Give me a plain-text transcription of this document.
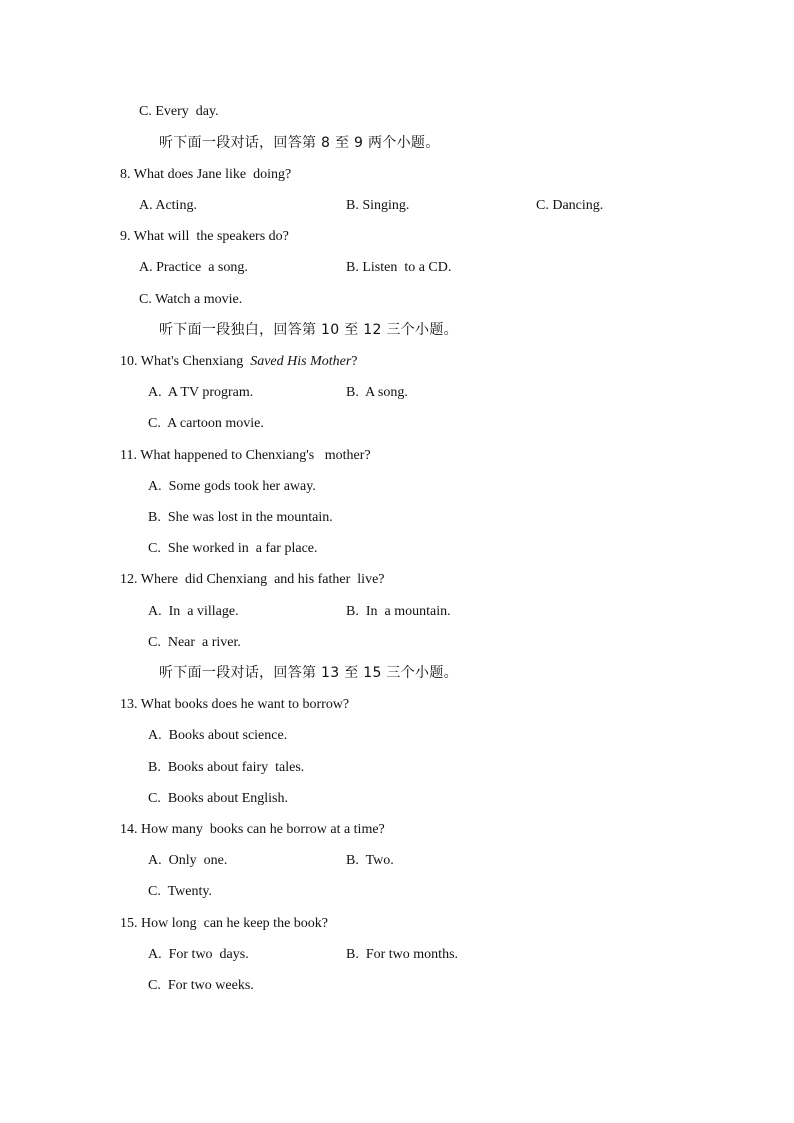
C. Every  day.
听下面一段对话，回答第 8 至 9 两个小题。
8. What does Jane like  doing?
A. Acting.	B. Singing.	C. Dancing.
9. What will  the speakers do?
A. Practice  a song.	B. Listen  to a CD.
C. Watch a movie.
听下面一段独白，回答第 10 至 12 三个小题。
10. What's Chenxiang  Saved His Mother?
A.  A TV program.	B.  A song.
C.  A cartoon movie.
11. What happened to Chenxiang's   mother?
A.  Some gods took her away.
B.  She was lost in the mountain.
C.  She worked in  a far place.
12. Where  did Chenxiang  and his father  live?
A.  In  a village.	B.  In  a mountain.
C.  Near  a river.
听下面一段对话，回答第 13 至 15 三个小题。
13. What books does he want to borrow?
A.  Books about science.
B.  Books about fairy  tales.
C.  Books about English.
14. How many  books can he borrow at a time?
A.  Only  one.	B.  Two.
C.  Twenty.
15. How long  can he keep the book?
A.  For two  days.	B.  For two months.
C.  For two weeks.
